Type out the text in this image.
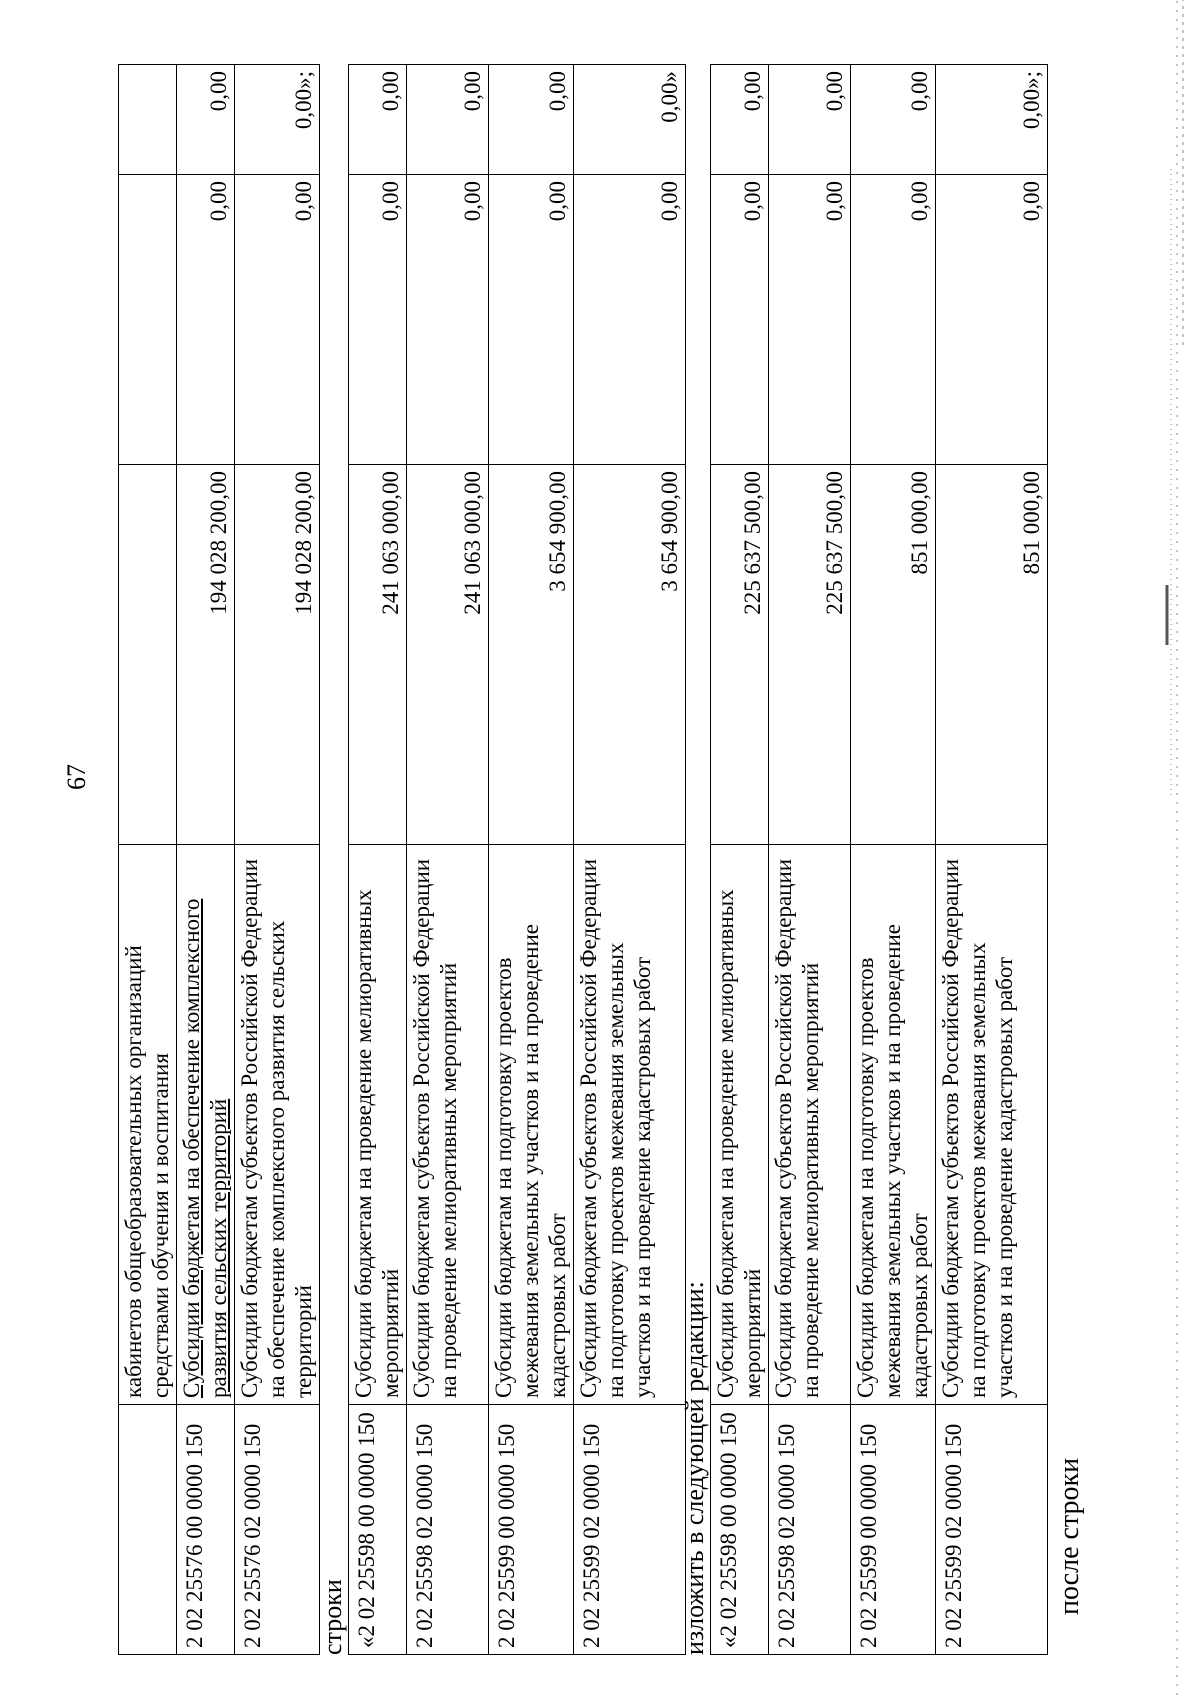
67
	кабинетов общеобразовательных организаций средствами обучения и воспитания			
2 02 25576 00 0000 150	Субсидии бюджетам на обеспечение комплексного развития сельских территорий	194 028 200,00	0,00	0,00
2 02 25576 02 0000 150	Субсидии бюджетам субъектов Российской Федерации на обеспечение комплексного развития сельских территорий	194 028 200,00	0,00	0,00»;
строки «2 02 25598 00 0000 150	Субсидии бюджетам на проведение мелиоративных мероприятий	241 063 000,00	0,00	0,00
2 02 25598 02 0000 150	Субсидии бюджетам субъектов Российской Федерации на проведение мелиоративных мероприятий	241 063 000,00	0,00	0,00
2 02 25599 00 0000 150	Субсидии бюджетам на подготовку проектов межевания земельных участков и на проведение кадастровых работ	3 654 900,00	0,00	0,00
2 02 25599 02 0000 150	Субсидии бюджетам субъектов Российской Федерации на подготовку проектов межевания земельных участков и на проведение кадастровых работ	3 654 900,00	0,00	0,00»
изложить в следующей редакции: «2 02 25598 00 0000 150	Субсидии бюджетам на проведение мелиоративных мероприятий	225 637 500,00	0,00	0,00
2 02 25598 02 0000 150	Субсидии бюджетам субъектов Российской Федерации на проведение мелиоративных мероприятий	225 637 500,00	0,00	0,00
2 02 25599 00 0000 150	Субсидии бюджетам на подготовку проектов межевания земельных участков и на проведение кадастровых работ	851 000,00	0,00	0,00
2 02 25599 02 0000 150	Субсидии бюджетам субъектов Российской Федерации на подготовку проектов межевания земельных участков и на проведение кадастровых работ	851 000,00	0,00	0,00»;
после строки
